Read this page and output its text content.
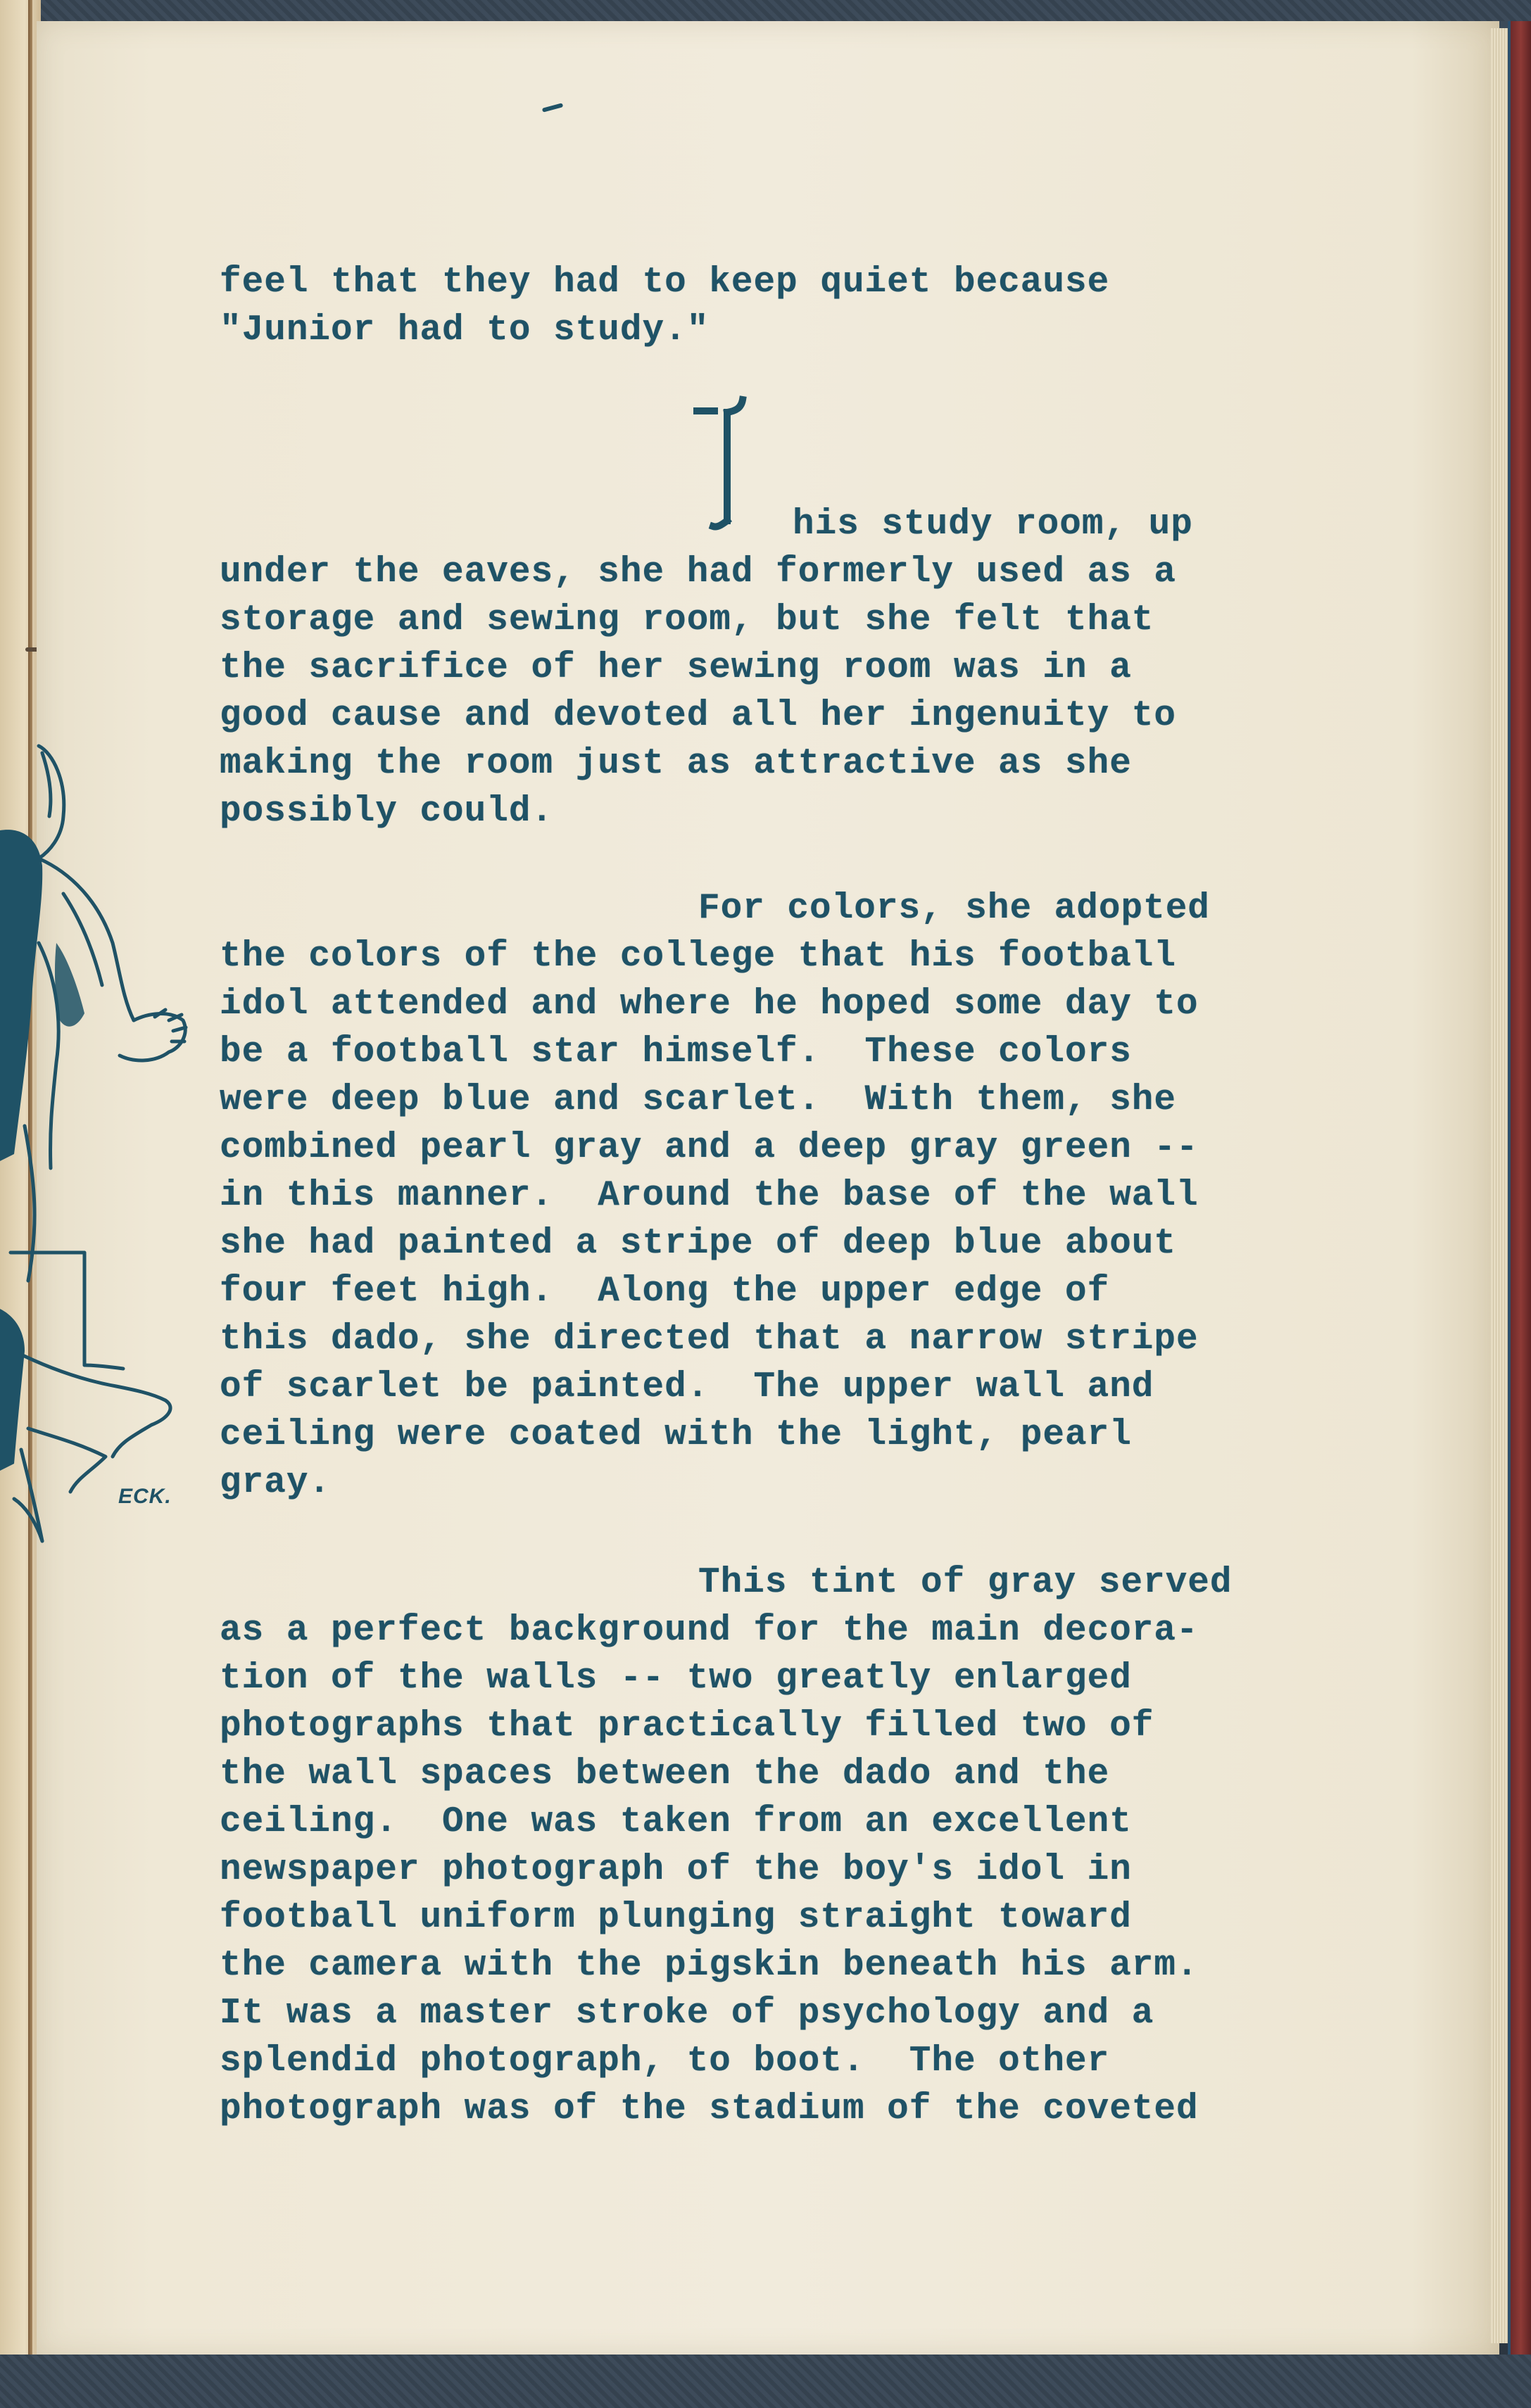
ECK.
feel that they had to keep quiet because
"Junior had to study."
his study room, up
under the eaves, she had formerly used as a
storage and sewing room, but she felt that
the sacrifice of her sewing room was in a
good cause and devoted all her ingenuity to
making the room just as attractive as she
possibly could.
For colors, she adopted
the colors of the college that his football
idol attended and where he hoped some day to
be a football star himself.  These colors
were deep blue and scarlet.  With them, she
combined pearl gray and a deep gray green --
in this manner.  Around the base of the wall
she had painted a stripe of deep blue about
four feet high.  Along the upper edge of
this dado, she directed that a narrow stripe
of scarlet be painted.  The upper wall and
ceiling were coated with the light, pearl
gray.
This tint of gray served
as a perfect background for the main decora-
tion of the walls -- two greatly enlarged
photographs that practically filled two of
the wall spaces between the dado and the
ceiling.  One was taken from an excellent
newspaper photograph of the boy's idol in
football uniform plunging straight toward
the camera with the pigskin beneath his arm.
It was a master stroke of psychology and a
splendid photograph, to boot.  The other
photograph was of the stadium of the coveted
